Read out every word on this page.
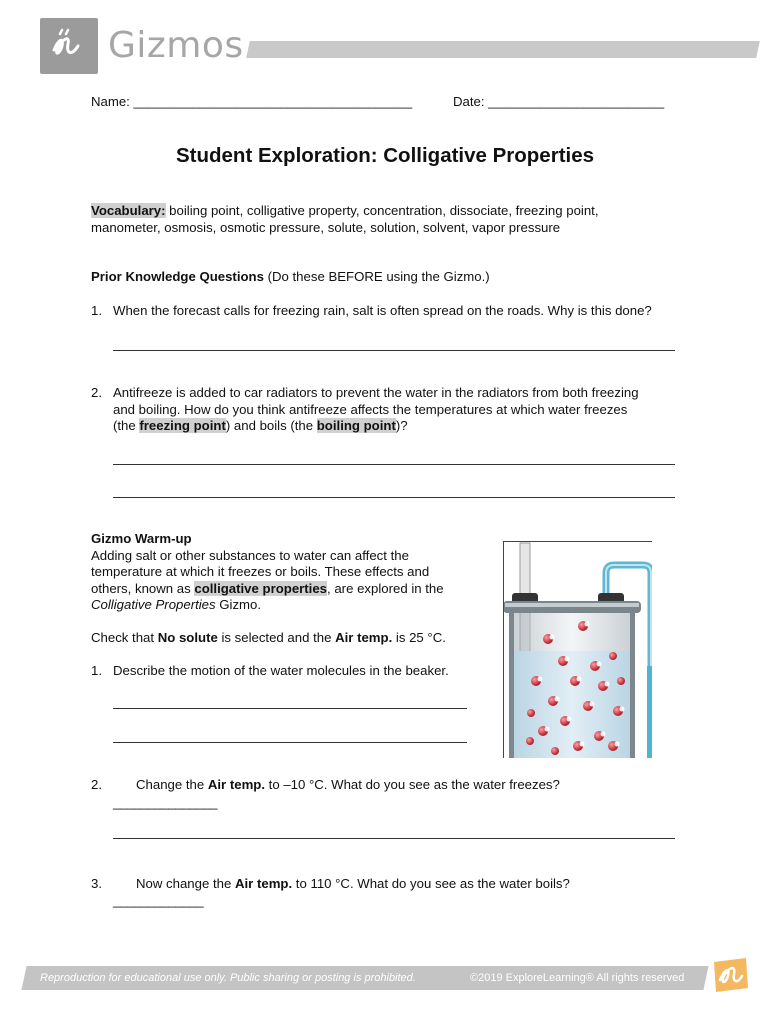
Gizmos
Name: ______________________________________	Date: ________________________
Student Exploration: Colligative Properties
Vocabulary: boiling point, colligative property, concentration, dissociate, freezing point,
manometer, osmosis, osmotic pressure, solute, solution, solvent, vapor pressure
Prior Knowledge Questions (Do these BEFORE using the Gizmo.)
1. When the forecast calls for freezing rain, salt is often spread on the roads. Why is this done?
2. Antifreeze is added to car radiators to prevent the water in the radiators from both freezing
and boiling. How do you think antifreeze affects the temperatures at which water freezes
(the freezing point) and boils (the boiling point)?
Gizmo Warm-up
Adding salt or other substances to water can affect the
temperature at which it freezes or boils. These effects and
others, known as colligative properties, are explored in the
Colligative Properties Gizmo.
Check that No solute is selected and the Air temp. is 25 °C.
1. Describe the motion of the water molecules in the beaker.
2.	Change the Air temp. to –10 °C. What do you see as the water freezes?
_______________
3.	Now change the Air temp. to 110 °C. What do you see as the water boils?
_____________
Reproduction for educational use only. Public sharing or posting is prohibited.	©2019 ExploreLearning® All rights reserved
